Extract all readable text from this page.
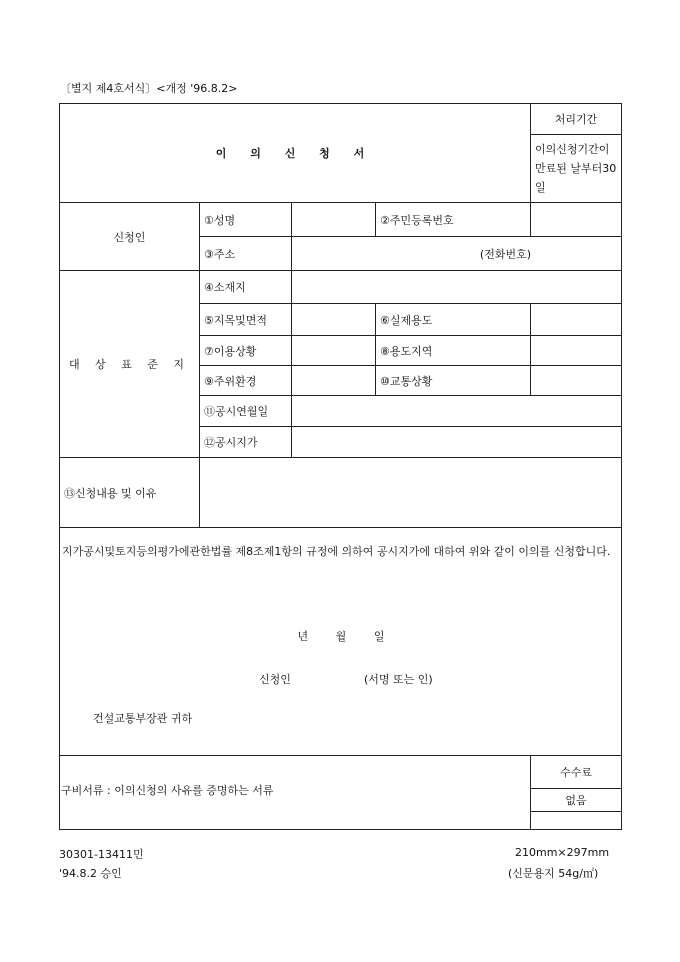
〔별지 제4호서식〕<개정 '96.8.2>
이 의 신 청 서				처리기간
				이의신청기간이 만료된 날부터30일
신청인	①성명		②주민등록번호	
	③주소	(전화번호)		
대 상 표 준 지	④소재지			
	⑤지목및면적		⑥실제용도	
	⑦이용상황		⑧용도지역	
	⑨주위환경		⑩교통상황	
	⑪공시연월일			
	⑫공시지가			
⑬신청내용 및 이유				

지가공시및토지등의평가에관한법률 제8조제1항의 규정에 의하여 공시지가에 대하여 위와 같이 이의를 신청합니다.
년 월 일
신청인 (서명 또는 인)
건설교통부장관 귀하				

구비서류 : 이의신청의 사유를 증명하는 서류				수수료
				없음

30301-13411민
'94.8.2 승인
210mm×297mm
(신문용지 54g/㎡)
